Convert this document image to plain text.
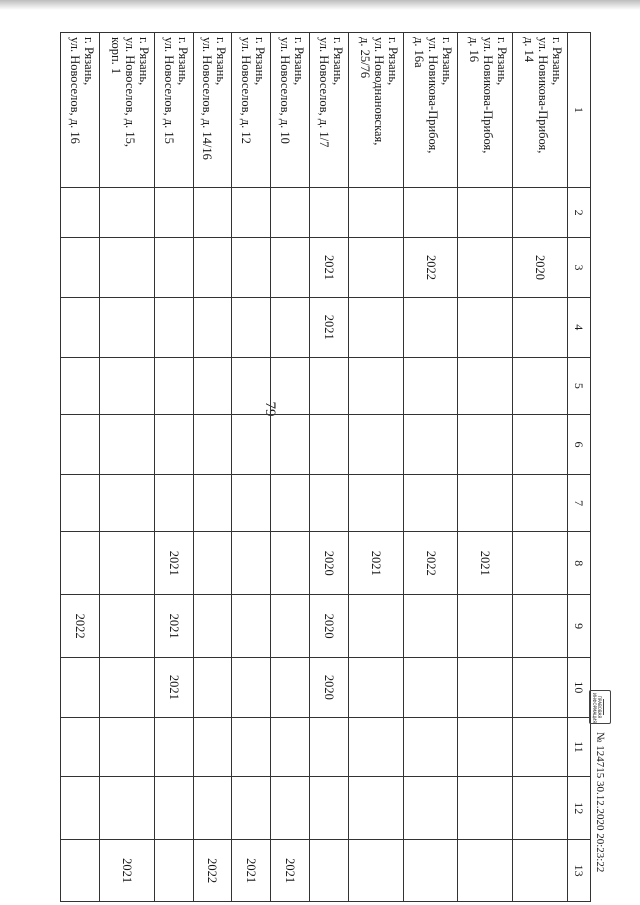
79
1	2	3	4	5	6	7	8	9	10	11	12	13

г. Рязань,
ул. Новикова-Прибоя,
д. 14		2020										

г. Рязань,
ул. Новикова-Прибоя,
д. 16							2021					

г. Рязань,
ул. Новикова-Прибоя,
д. 16а		2022					2022					

г. Рязань,
ул. Новоднановская,
д. 25/76							2021					

г. Рязань,
ул. Новоселов, д. 1/7		2021	2021				2020	2020	2020			

г. Рязань,
ул. Новоселов, д. 10												2021

г. Рязань,
ул. Новоселов, д. 12												2021

г. Рязань,
ул. Новоселов, д. 14/16												2022

г. Рязань,
ул. Новоселов, д. 15							2021	2021	2021			

г. Рязань,
ул. Новоселов, д. 15,
корп. 1												2021

г. Рязань,
ул. Новоселов, д. 16								2022				
ПРАВОВАЯ
ИНФОРМАЦИЯ
№ 124715 30.12.2020 20:23:22
